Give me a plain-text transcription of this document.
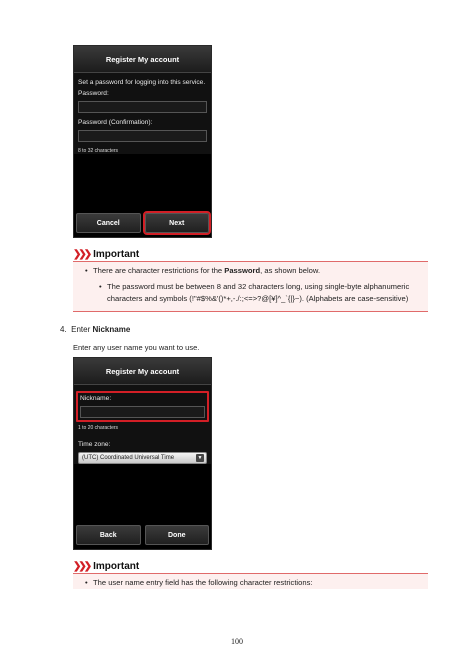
Register My account
Set a password for logging into this service.
Password:
Password (Confirmation):
8 to 32 characters
Cancel	Next
❯❯❯ Important
• There are character restrictions for the Password, as shown below.
• The password must be between 8 and 32 characters long, using single-byte alphanumeric characters and symbols (!"#$%&'()*+,-./:;<=>?@[¥]^_`{|}~). (Alphabets are case-sensitive)
4. Enter Nickname
Enter any user name you want to use.
Register My account
Nickname:
1 to 20 characters
Time zone:
(UTC) Coordinated Universal Time	▼
Back	Done
❯❯❯ Important
• The user name entry field has the following character restrictions:
100
